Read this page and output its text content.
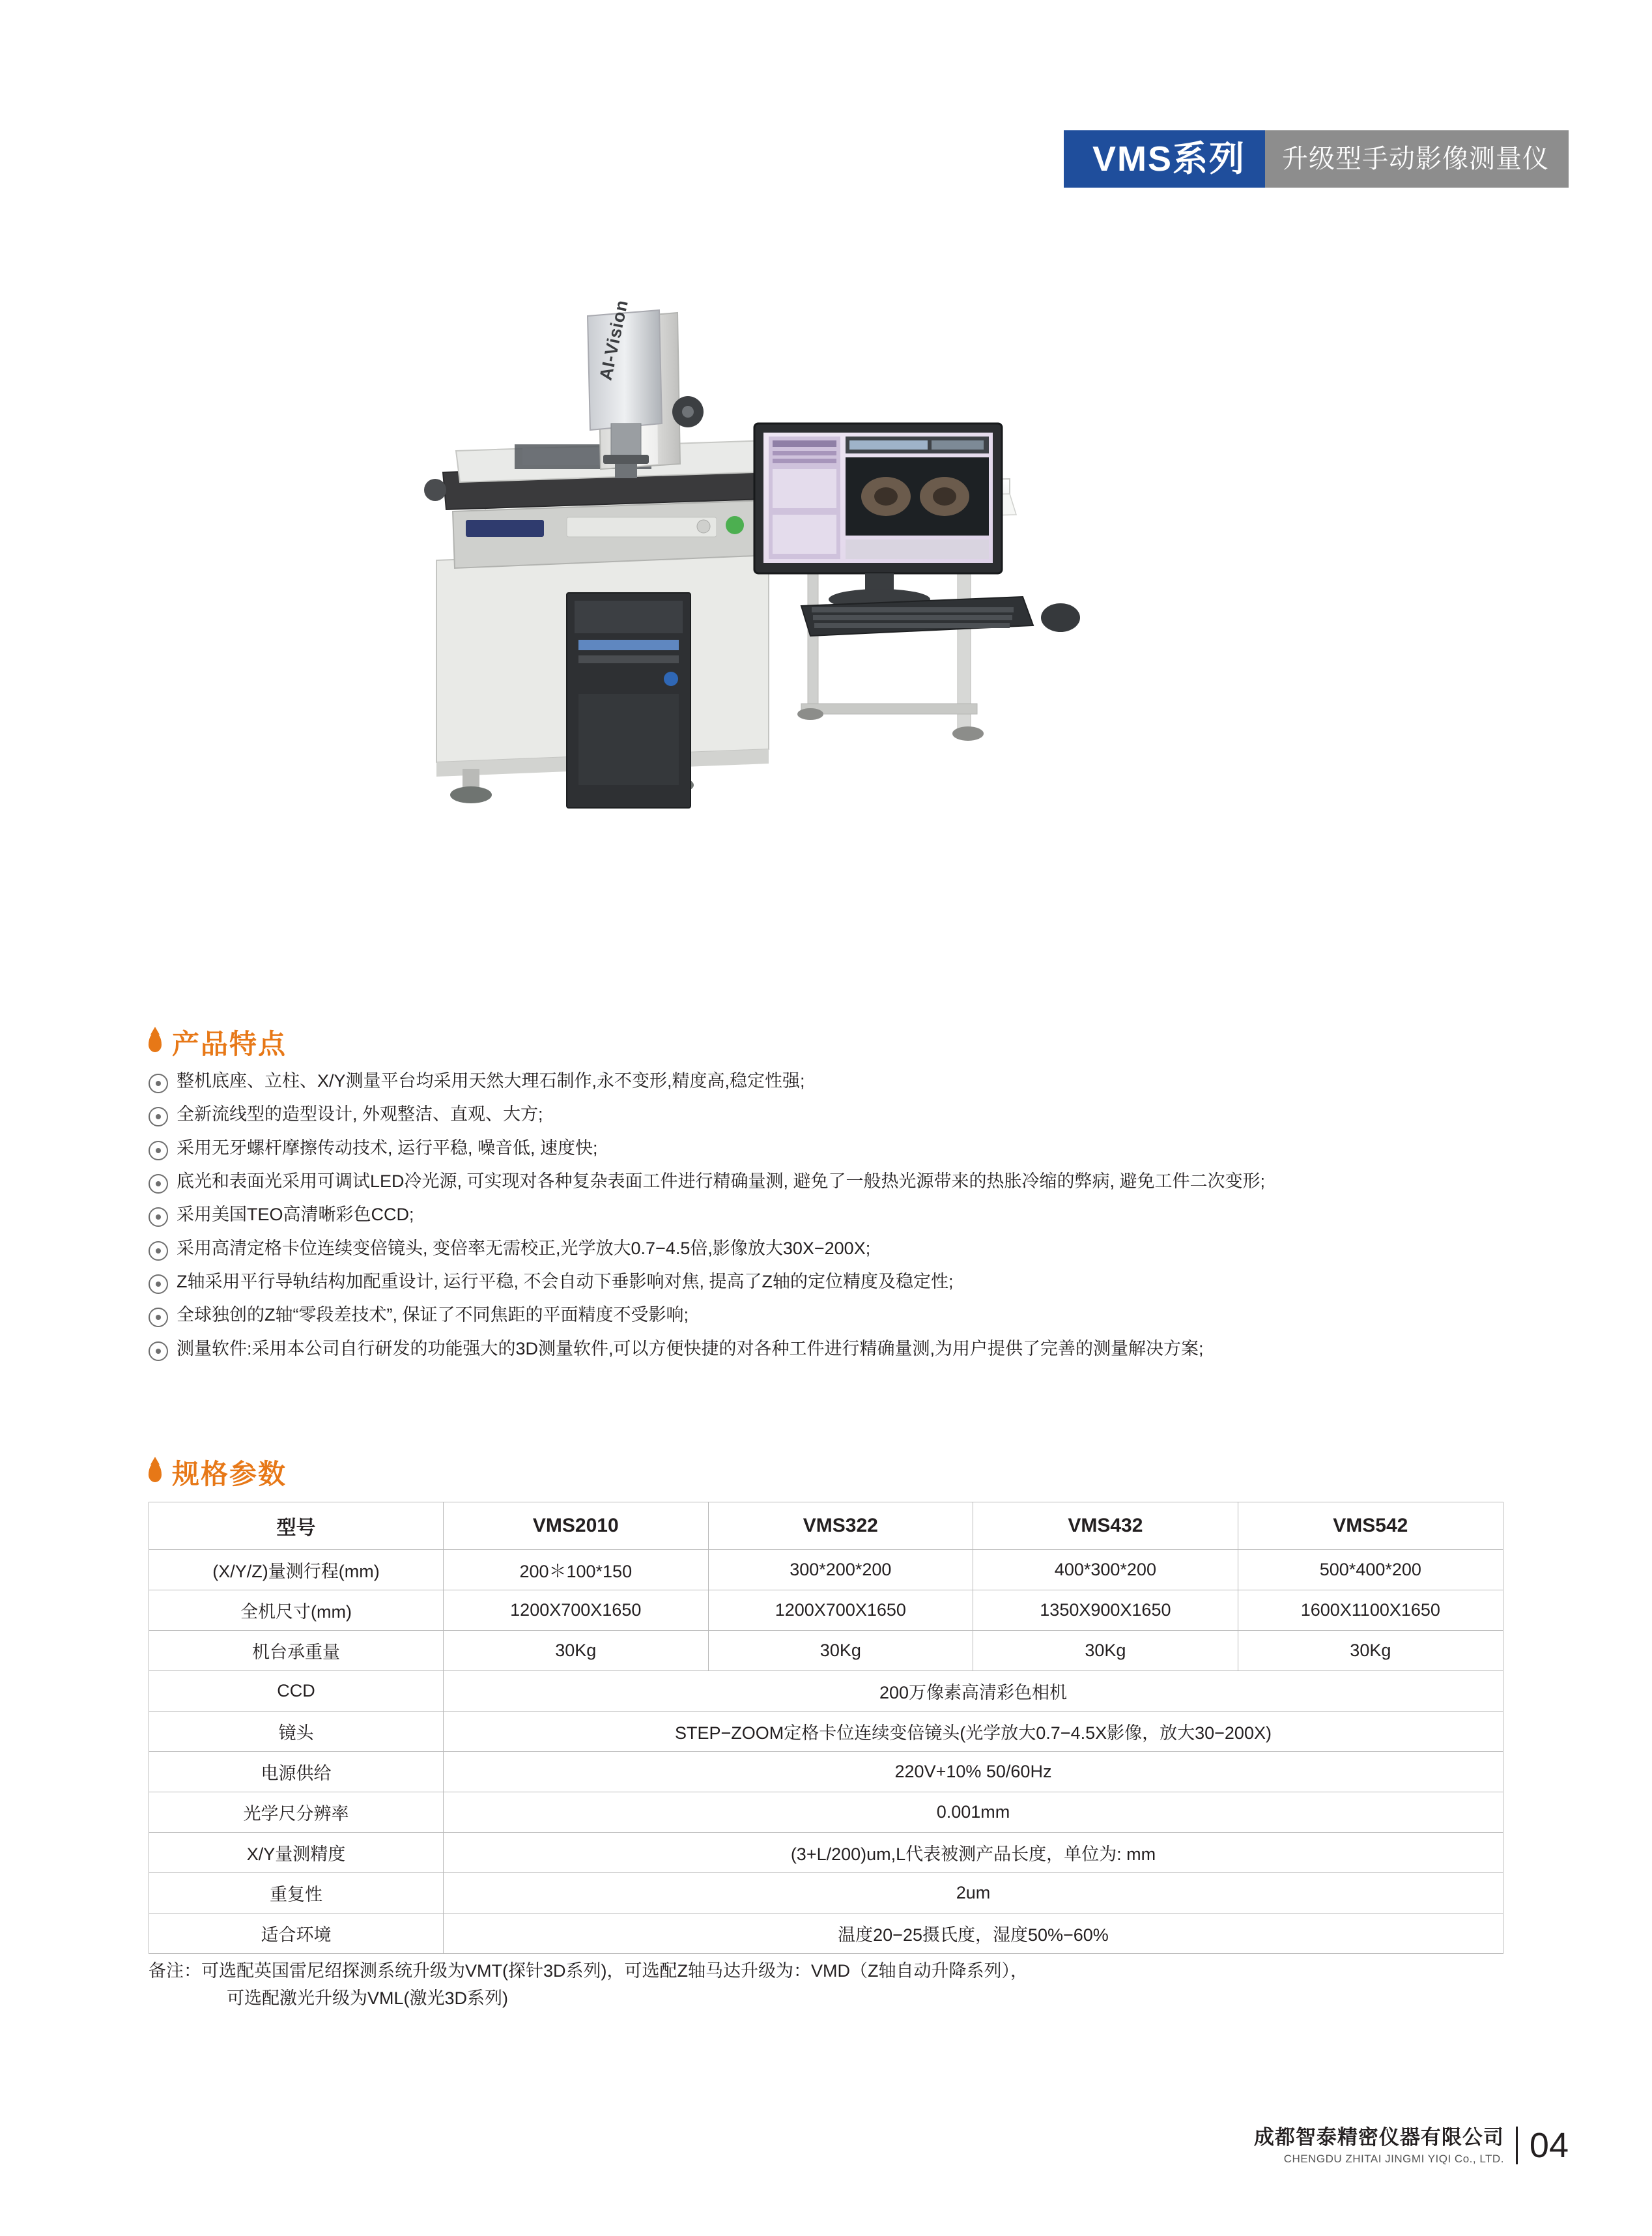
VMS系列	升级型手动影像测量仪
AI-Vision
产品特点
整机底座、立柱、X/Y测量平台均采用天然大理石制作,永不变形,精度高,稳定性强;
全新流线型的造型设计, 外观整洁、直观、大方;
采用无牙螺杆摩擦传动技术, 运行平稳, 噪音低, 速度快;
底光和表面光采用可调试LED冷光源, 可实现对各种复杂表面工件进行精确量测, 避免了一般热光源带来的热胀冷缩的弊病, 避免工件二次变形;
采用美国TEO高清晰彩色CCD;
采用高清定格卡位连续变倍镜头, 变倍率无需校正,光学放大0.7−4.5倍,影像放大30X−200X;
Z轴采用平行导轨结构加配重设计, 运行平稳, 不会自动下垂影响对焦, 提高了Z轴的定位精度及稳定性;
全球独创的Z轴“零段差技术”, 保证了不同焦距的平面精度不受影响;
测量软件:采用本公司自行研发的功能强大的3D测量软件,可以方便快捷的对各种工件进行精确量测,为用户提供了完善的测量解决方案;
规格参数
型号	VMS2010	VMS322	VMS432	VMS542
(X/Y/Z)量测行程(mm)	200＊100*150	300*200*200	400*300*200	500*400*200
全机尺寸(mm)	1200X700X1650	1200X700X1650	1350X900X1650	1600X1100X1650
机台承重量	30Kg	30Kg	30Kg	30Kg
CCD	200万像素高清彩色相机			
镜头	STEP−ZOOM定格卡位连续变倍镜头(光学放大0.7−4.5X影像，放大30−200X)			
电源供给	220V+10% 50/60Hz			
光学尺分辨率	0.001mm			
X/Y量测精度	(3+L/200)um,L代表被测产品长度，单位为: mm			
重复性	2um			
适合环境	温度20−25摄氏度，湿度50%−60%			
备注：可选配英国雷尼绍探测系统升级为VMT(探针3D系列)，可选配Z轴马达升级为：VMD（Z轴自动升降系列），
可选配激光升级为VML(激光3D系列)
成都智泰精密仪器有限公司
CHENGDU ZHITAI JINGMI YIQI Co., LTD. 04
